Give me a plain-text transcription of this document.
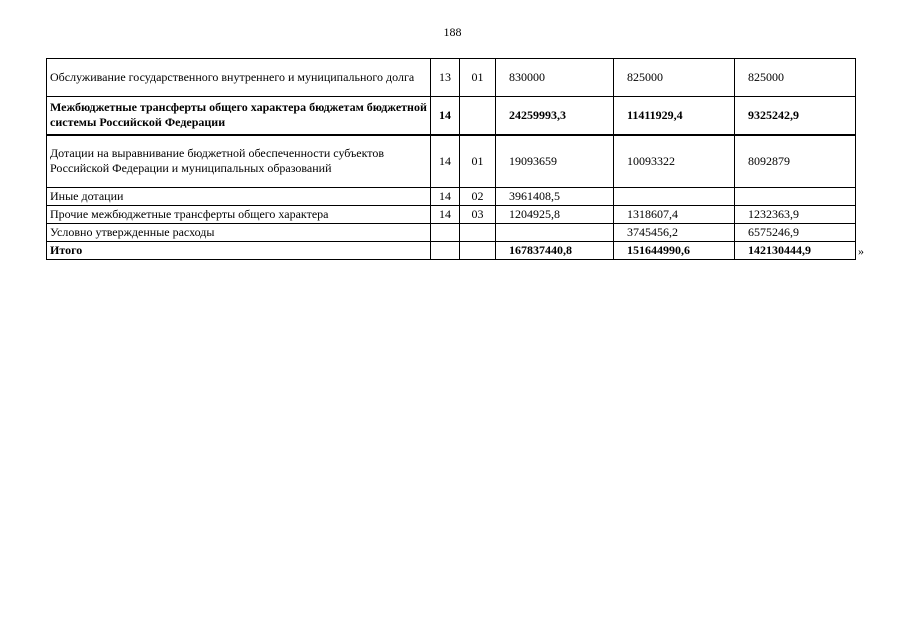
188
Обслуживание государственного внутреннего и муниципального долга	13	01	830000	825000	825000
Межбюджетные трансферты общего характера бюджетам бюджетной системы Российской Федерации	14		24259993,3	11411929,4	9325242,9
Дотации на выравнивание бюджетной обеспеченности субъектов Российской Федерации и муниципальных образований	14	01	19093659	10093322	8092879
Иные дотации	14	02	3961408,5		
Прочие межбюджетные трансферты общего характера	14	03	1204925,8	1318607,4	1232363,9
Условно утвержденные расходы				3745456,2	6575246,9
Итого			167837440,8	151644990,6	142130444,9	»
